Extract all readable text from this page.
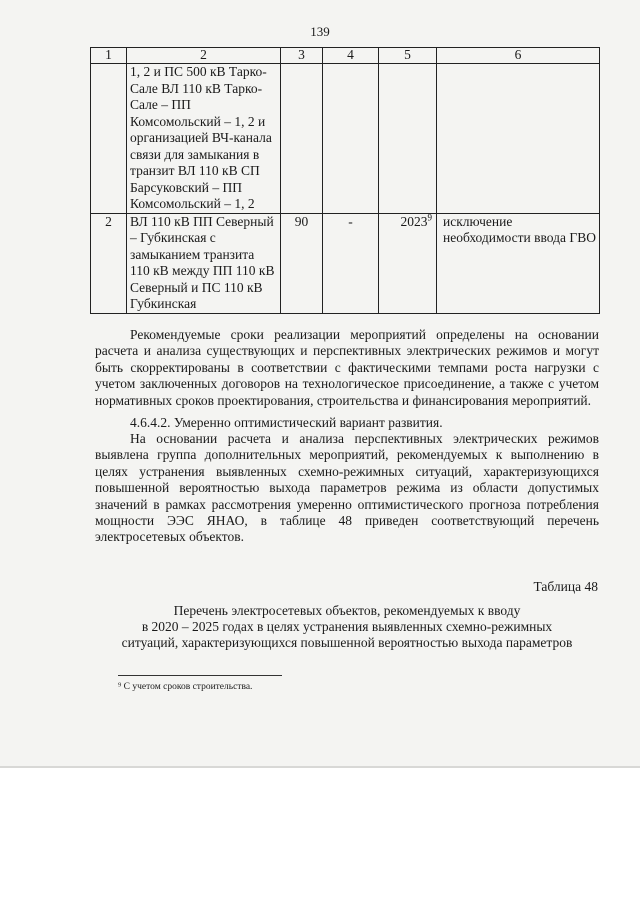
139
1	2	3	4	5	6
	1, 2 и ПС 500 кВ Тарко-Сале ВЛ 110 кВ Тарко-Сале – ПП Комсомольский – 1, 2 и организацией ВЧ-канала связи для замыкания в транзит ВЛ 110 кВ СП Барсуковский – ПП Комсомольский – 1, 2				
2	ВЛ 110 кВ ПП Северный – Губкинская с замыканием транзита 110 кВ между ПП 110 кВ Северный и ПС 110 кВ Губкинская	90	-	2023$^9$	исключение необходимости ввода ГВО

Рекомендуемые сроки реализации мероприятий определены на основании расчета и анализа существующих и перспективных электрических режимов и могут быть скорректированы в соответствии с фактическими темпами роста нагрузки с учетом заключенных договоров на технологическое присоединение, а также с учетом нормативных сроков проектирования, строительства и финансирования мероприятий.

4.6.4.2. Умеренно оптимистический вариант развития.

На основании расчета и анализа перспективных электрических режимов выявлена группа дополнительных мероприятий, рекомендуемых к выполнению в целях устранения выявленных схемно-режимных ситуаций, характеризующихся повышенной вероятностью выхода параметров режима из области допустимых значений в рамках рассмотрения умеренно оптимистического прогноза потребления мощности ЭЭС ЯНАО, в таблице 48 приведен соответствующий перечень электросетевых объектов.

Таблица 48

Перечень электросетевых объектов, рекомендуемых к вводу
в 2020 – 2025 годах в целях устранения выявленных схемно-режимных
ситуаций, характеризующихся повышенной вероятностью выхода параметров

⁹ С учетом сроков строительства.
